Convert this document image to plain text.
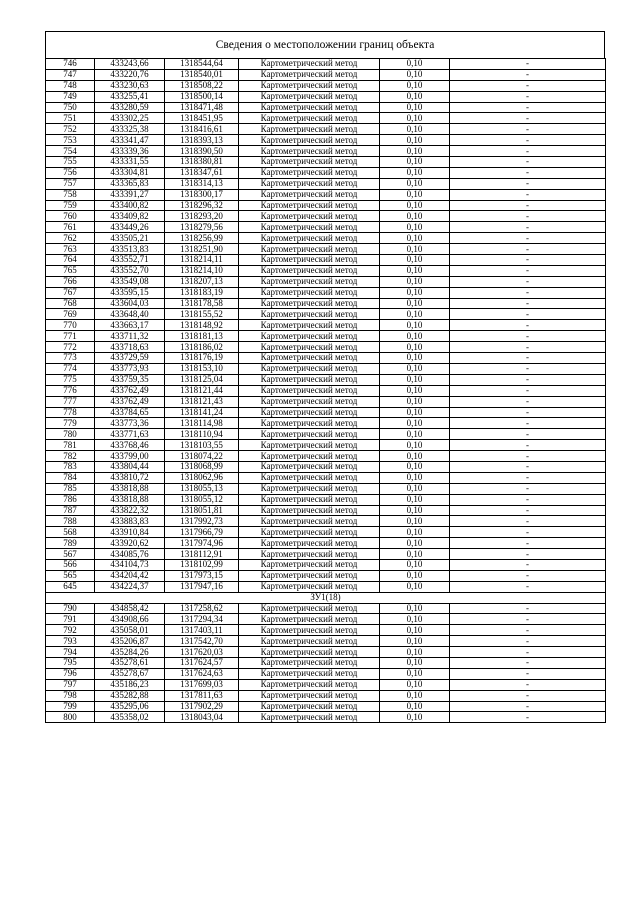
Сведения о местоположении границ объекта
746	433243,66	1318544,64	Картометрический метод	0,10	-
747	433220,76	1318540,01	Картометрический метод	0,10	-
748	433230,63	1318508,22	Картометрический метод	0,10	-
749	433255,41	1318500,14	Картометрический метод	0,10	-
750	433280,59	1318471,48	Картометрический метод	0,10	-
751	433302,25	1318451,95	Картометрический метод	0,10	-
752	433325,38	1318416,61	Картометрический метод	0,10	-
753	433341,47	1318393,13	Картометрический метод	0,10	-
754	433339,36	1318390,50	Картометрический метод	0,10	-
755	433331,55	1318380,81	Картометрический метод	0,10	-
756	433304,81	1318347,61	Картометрический метод	0,10	-
757	433365,83	1318314,13	Картометрический метод	0,10	-
758	433391,27	1318300,17	Картометрический метод	0,10	-
759	433400,82	1318296,32	Картометрический метод	0,10	-
760	433409,82	1318293,20	Картометрический метод	0,10	-
761	433449,26	1318279,56	Картометрический метод	0,10	-
762	433505,21	1318256,99	Картометрический метод	0,10	-
763	433513,83	1318251,90	Картометрический метод	0,10	-
764	433552,71	1318214,11	Картометрический метод	0,10	-
765	433552,70	1318214,10	Картометрический метод	0,10	-
766	433549,08	1318207,13	Картометрический метод	0,10	-
767	433595,15	1318183,19	Картометрический метод	0,10	-
768	433604,03	1318178,58	Картометрический метод	0,10	-
769	433648,40	1318155,52	Картометрический метод	0,10	-
770	433663,17	1318148,92	Картометрический метод	0,10	-
771	433711,32	1318181,13	Картометрический метод	0,10	-
772	433718,63	1318186,02	Картометрический метод	0,10	-
773	433729,59	1318176,19	Картометрический метод	0,10	-
774	433773,93	1318153,10	Картометрический метод	0,10	-
775	433759,35	1318125,04	Картометрический метод	0,10	-
776	433762,49	1318121,44	Картометрический метод	0,10	-
777	433762,49	1318121,43	Картометрический метод	0,10	-
778	433784,65	1318141,24	Картометрический метод	0,10	-
779	433773,36	1318114,98	Картометрический метод	0,10	-
780	433771,63	1318110,94	Картометрический метод	0,10	-
781	433768,46	1318103,55	Картометрический метод	0,10	-
782	433799,00	1318074,22	Картометрический метод	0,10	-
783	433804,44	1318068,99	Картометрический метод	0,10	-
784	433810,72	1318062,96	Картометрический метод	0,10	-
785	433818,88	1318055,13	Картометрический метод	0,10	-
786	433818,88	1318055,12	Картометрический метод	0,10	-
787	433822,32	1318051,81	Картометрический метод	0,10	-
788	433883,83	1317992,73	Картометрический метод	0,10	-
568	433910,84	1317966,79	Картометрический метод	0,10	-
789	433920,62	1317974,96	Картометрический метод	0,10	-
567	434085,76	1318112,91	Картометрический метод	0,10	-
566	434104,73	1318102,99	Картометрический метод	0,10	-
565	434204,42	1317973,15	Картометрический метод	0,10	-
645	434224,37	1317947,16	Картометрический метод	0,10	-
ЗУ1(18)					
790	434858,42	1317258,62	Картометрический метод	0,10	-
791	434908,66	1317294,34	Картометрический метод	0,10	-
792	435058,01	1317403,11	Картометрический метод	0,10	-
793	435206,87	1317542,70	Картометрический метод	0,10	-
794	435284,26	1317620,03	Картометрический метод	0,10	-
795	435278,61	1317624,57	Картометрический метод	0,10	-
796	435278,67	1317624,63	Картометрический метод	0,10	-
797	435186,23	1317699,03	Картометрический метод	0,10	-
798	435282,88	1317811,63	Картометрический метод	0,10	-
799	435295,06	1317902,29	Картометрический метод	0,10	-
800	435358,02	1318043,04	Картометрический метод	0,10	-
